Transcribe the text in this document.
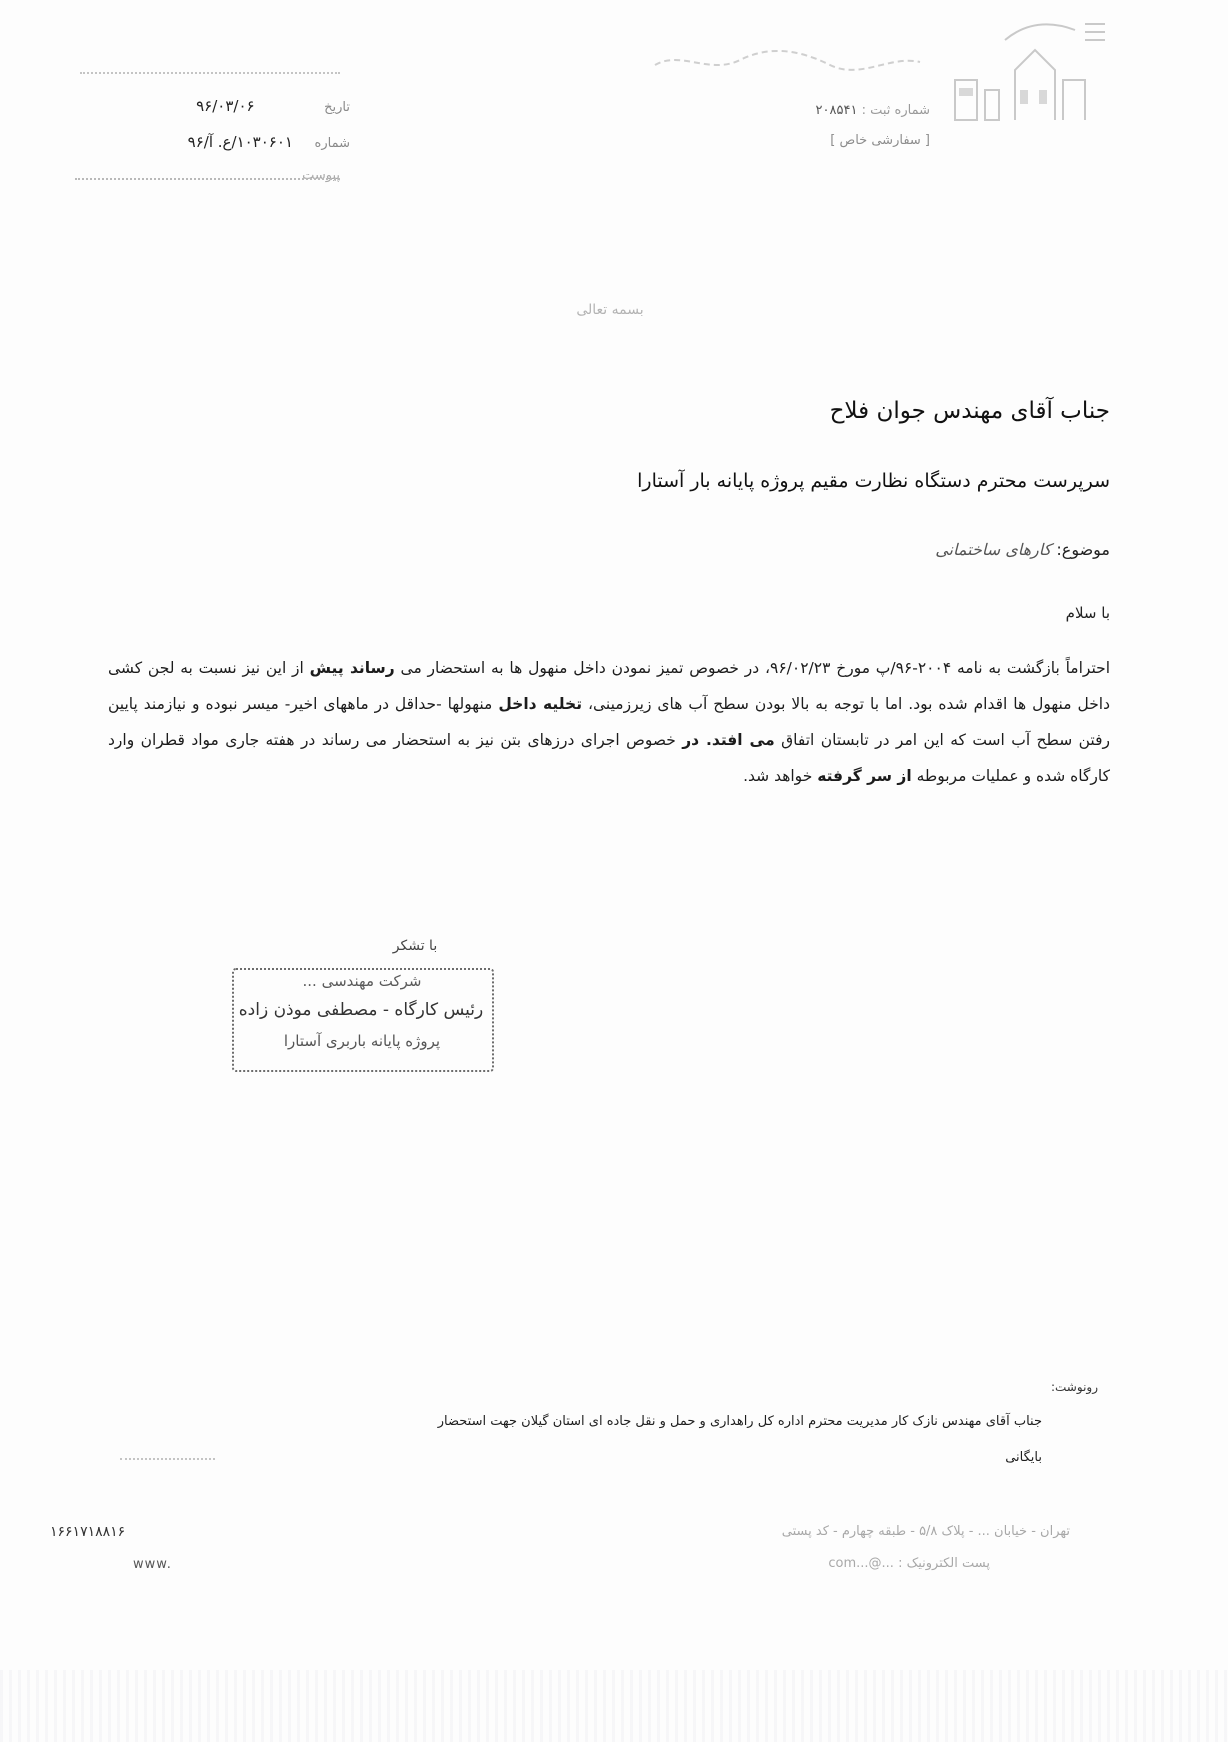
تاریخ  ۹۶/۰۳/۰۶
شماره  ۱۰۳۰۶۰۱/ع. آ/۹۶
پیوست
شماره ثبت : ۲۰۸۵۴۱
[ سفارشی خاص ]
بسمه تعالی
جناب آقای مهندس جوان فلاح
سرپرست محترم دستگاه نظارت مقیم پروژه پایانه بار آستارا
موضوع: کارهای ساختمانی
با سلام
احتراماً بازگشت به نامه ۲۰۰۴-۹۶/پ مورخ ۹۶/۰۲/۲۳، در خصوص تمیز نمودن داخل منهول ها به استحضار می رساند پیش از این نیز نسبت به لجن کشی داخل منهول ها اقدام شده بود. اما با توجه به بالا بودن سطح آب های زیرزمینی، تخلیه داخل منهولها -حداقل در ماههای اخیر- میسر نبوده و نیازمند پایین رفتن سطح آب است که این امر در تابستان اتفاق می افتد. در خصوص اجرای درزهای بتن نیز به استحضار می رساند در هفته جاری مواد قطران وارد کارگاه شده و عملیات مربوطه از سر گرفته خواهد شد.
با تشکر
شرکت مهندسی ...
رئیس کارگاه - مصطفی موذن زاده
پروژه پایانه باربری آستارا
رونوشت:
جناب آقای مهندس نازک کار مدیریت محترم اداره کل راهداری و حمل و نقل جاده ای استان گیلان جهت استحضار
بایگانی
تهران - خیابان ... - پلاک ۵/۸ - طبقه چهارم - کد پستی
۱۶۶۱۷۱۸۸۱۶
پست الکترونیک : ...@...com
www.
